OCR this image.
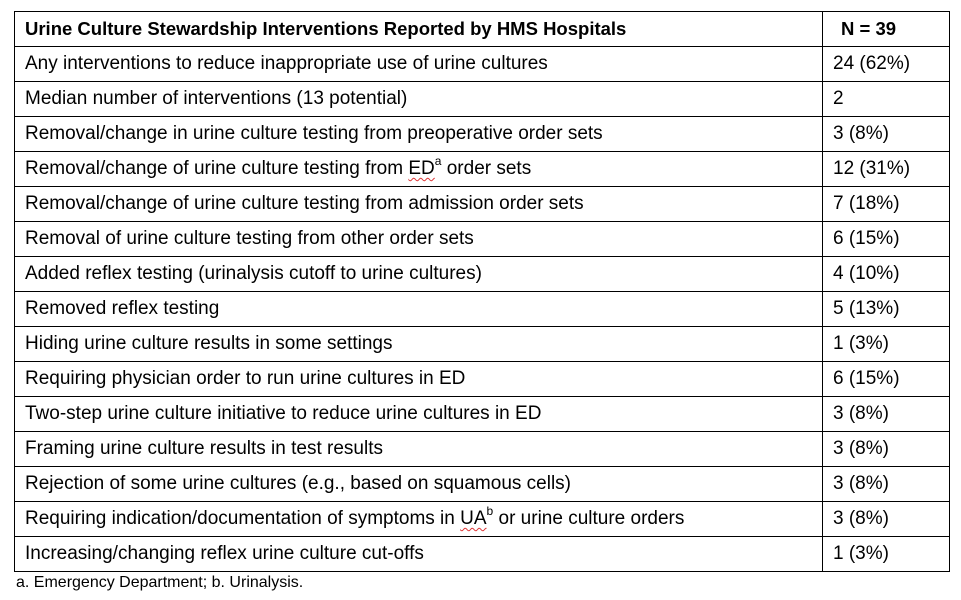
Urine Culture Stewardship Interventions Reported by HMS Hospitals	N = 39
Any interventions to reduce inappropriate use of urine cultures	24 (62%)
Median number of interventions (13 potential)	2
Removal/change in urine culture testing from preoperative order sets	3 (8%)
Removal/change of urine culture testing from $ED^a$ order sets	12 (31%)
Removal/change of urine culture testing from admission order sets	7 (18%)
Removal of urine culture testing from other order sets	6 (15%)
Added reflex testing (urinalysis cutoff to urine cultures)	4 (10%)
Removed reflex testing	5 (13%)
Hiding urine culture results in some settings	1 (3%)
Requiring physician order to run urine cultures in ED	6 (15%)
Two-step urine culture initiative to reduce urine cultures in ED	3 (8%)
Framing urine culture results in test results	3 (8%)
Rejection of some urine cultures (e.g., based on squamous cells)	3 (8%)
Requiring indication/documentation of symptoms in $UA^b$ or urine culture orders	3 (8%)
Increasing/changing reflex urine culture cut-offs	1 (3%)
a. Emergency Department; b. Urinalysis.
